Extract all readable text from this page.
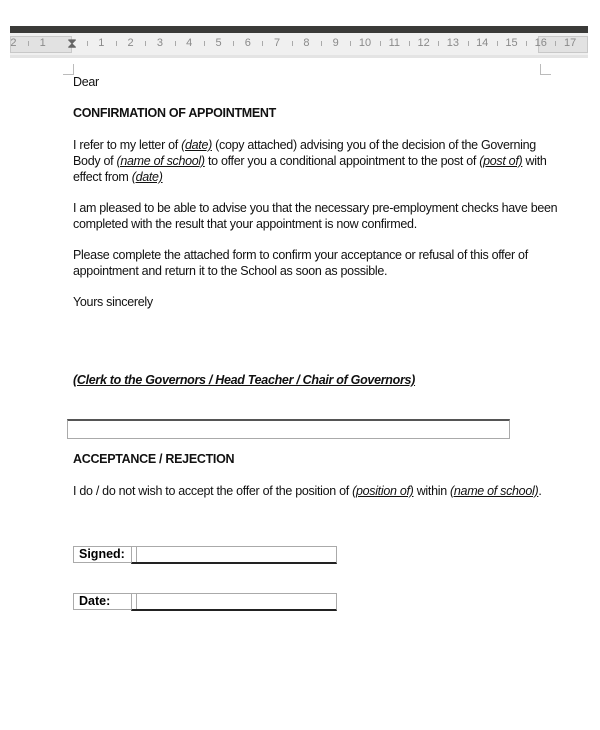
⧗
2 1	1 2 3 4 5 6 7 8 9 10 11 12 13 14 15 16 17
Dear
CONFIRMATION OF APPOINTMENT
I refer to my letter of (date) (copy attached) advising you of the decision of the Governing
Body of (name of school) to offer you a conditional appointment to the post of (post of) with
effect from (date)
I am pleased to be able to advise you that the necessary pre-employment checks have been
completed with the result that your appointment is now confirmed.
Please complete the attached form to confirm your acceptance or refusal of this offer of
appointment and return it to the School as soon as possible.
Yours sincerely
(Clerk to the Governors / Head Teacher / Chair of Governors)
ACCEPTANCE / REJECTION
I do / do not wish to accept the offer of the position of (position of) within (name of school).
Signed:
Date:
